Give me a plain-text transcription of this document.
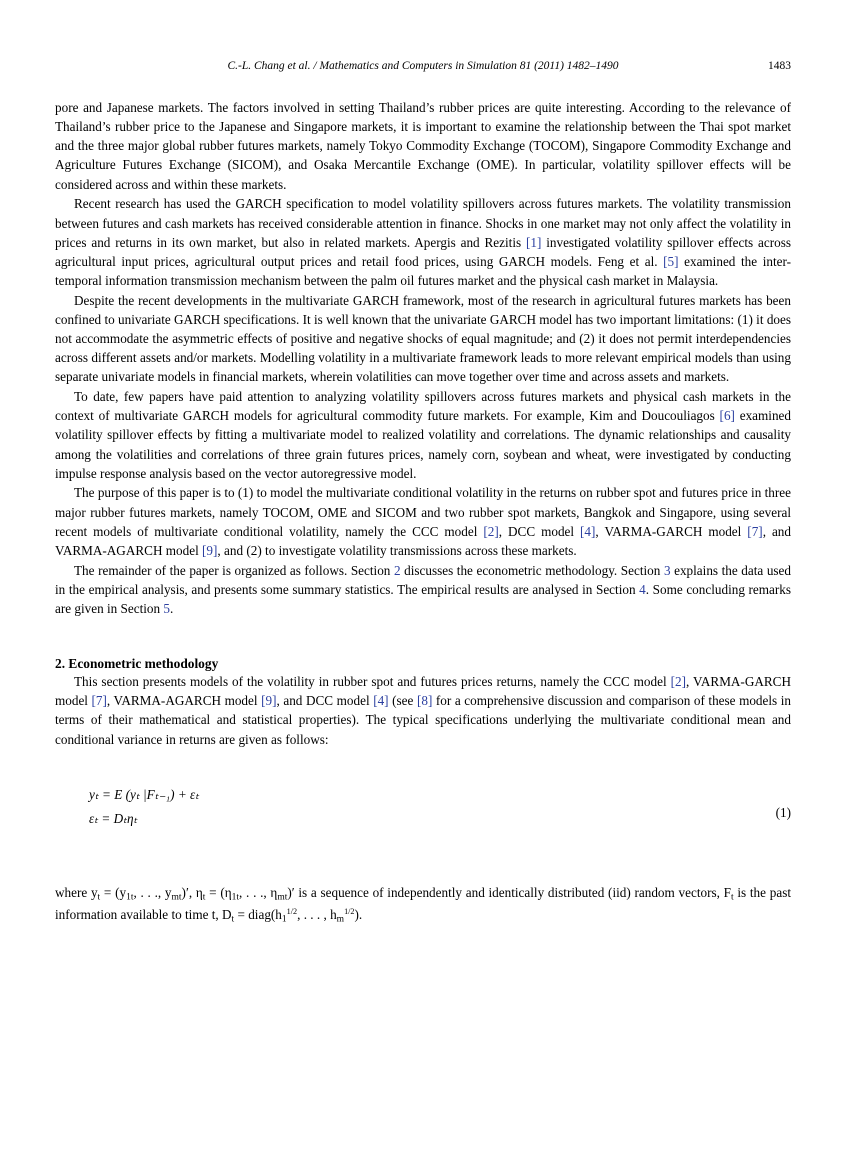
C.-L. Chang et al. / Mathematics and Computers in Simulation 81 (2011) 1482–1490	1483

pore and Japanese markets. The factors involved in setting Thailand’s rubber prices are quite interesting. According to the relevance of Thailand’s rubber price to the Japanese and Singapore markets, it is important to examine the relationship between the Thai spot market and the three major global rubber futures markets, namely Tokyo Commodity Exchange (TOCOM), Singapore Commodity Exchange and Agriculture Futures Exchange (SICOM), and Osaka Mercantile Exchange (OME). In particular, volatility spillover effects will be considered across and within these markets.

Recent research has used the GARCH specification to model volatility spillovers across futures markets. The volatility transmission between futures and cash markets has received considerable attention in finance. Shocks in one market may not only affect the volatility in prices and returns in its own market, but also in related markets. Apergis and Rezitis [1] investigated volatility spillover effects across agricultural input prices, agricultural output prices and retail food prices, using GARCH models. Feng et al. [5] examined the inter-temporal information transmission mechanism between the palm oil futures market and the physical cash market in Malaysia.

Despite the recent developments in the multivariate GARCH framework, most of the research in agricultural futures markets has been confined to univariate GARCH specifications. It is well known that the univariate GARCH model has two important limitations: (1) it does not accommodate the asymmetric effects of positive and negative shocks of equal magnitude; and (2) it does not permit interdependencies across different assets and/or markets. Modelling volatility in a multivariate framework leads to more relevant empirical models than using separate univariate models in financial markets, wherein volatilities can move together over time and across assets and markets.

To date, few papers have paid attention to analyzing volatility spillovers across futures markets and physical cash markets in the context of multivariate GARCH models for agricultural commodity future markets. For example, Kim and Doucouliagos [6] examined volatility spillover effects by fitting a multivariate model to realized volatility and correlations. The dynamic relationships and causality among the volatilities and correlations of three grain futures prices, namely corn, soybean and wheat, were investigated by conducting impulse response analysis based on the vector autoregressive model.

The purpose of this paper is to (1) to model the multivariate conditional volatility in the returns on rubber spot and futures price in three major rubber futures markets, namely TOCOM, OME and SICOM and two rubber spot markets, Bangkok and Singapore, using several recent models of multivariate conditional volatility, namely the CCC model [2], DCC model [4], VARMA-GARCH model [7], and VARMA-AGARCH model [9], and (2) to investigate volatility transmissions across these markets.

The remainder of the paper is organized as follows. Section 2 discusses the econometric methodology. Section 3 explains the data used in the empirical analysis, and presents some summary statistics. The empirical results are analysed in Section 4. Some concluding remarks are given in Section 5.

2. Econometric methodology

This section presents models of the volatility in rubber spot and futures prices returns, namely the CCC model [2], VARMA-GARCH model [7], VARMA-AGARCH model [9], and DCC model [4] (see [8] for a comprehensive discussion and comparison of these models in terms of their mathematical and statistical properties). The typical specifications underlying the multivariate conditional mean and conditional variance in returns are given as follows:

yₜ = E (yₜ |Fₜ₋₁) + εₜ
εₜ = Dₜηₜ	(1)
where $y_t = (y_{1t}$, . . ., $y_{mt})'$, $\eta_t = (\eta_{1t}$, . . ., $\eta_{mt})'$ is a sequence of independently and identically distributed (iid) random vectors, $F_t$ is the past information available to time t, $D_t$ = $diag(h_1^{1/2}$, . . . , $h_m^{1/2}$).
